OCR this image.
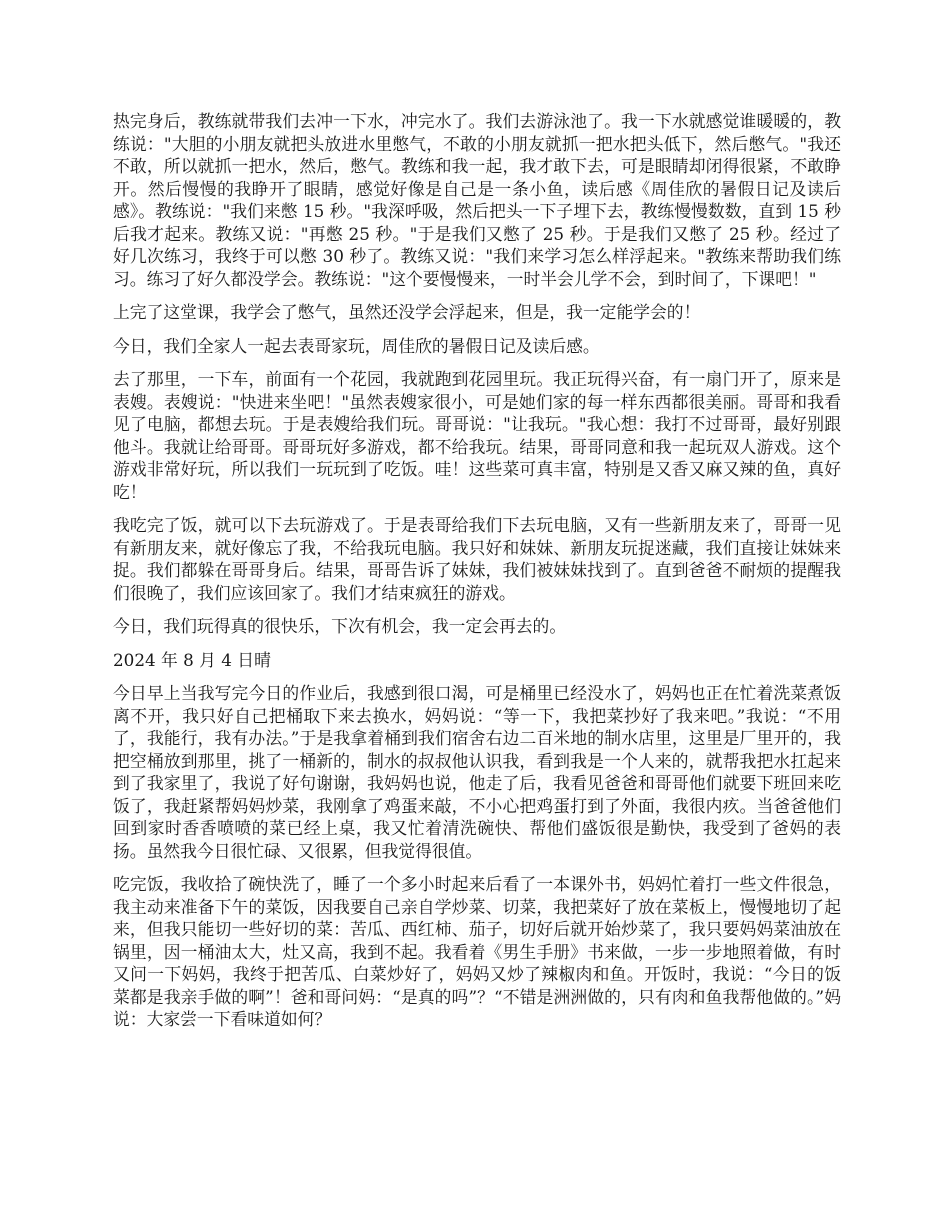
热完身后，教练就带我们去冲一下水，冲完水了。我们去游泳池了。我一下水就感觉谁暖暖的，教练说："大胆的小朋友就把头放进水里憋气，不敢的小朋友就抓一把水把头低下，然后憋气。"我还不敢，所以就抓一把水，然后，憋气。教练和我一起，我才敢下去，可是眼睛却闭得很紧，不敢睁开。然后慢慢的我睁开了眼睛，感觉好像是自己是一条小鱼，读后感《周佳欣的暑假日记及读后感》。教练说："我们来憋 15 秒。"我深呼吸，然后把头一下子埋下去，教练慢慢数数，直到 15 秒后我才起来。教练又说："再憋 25 秒。"于是我们又憋了 25 秒。于是我们又憋了 25 秒。经过了好几次练习，我终于可以憋 30 秒了。教练又说："我们来学习怎么样浮起来。"教练来帮助我们练习。练习了好久都没学会。教练说："这个要慢慢来，一时半会儿学不会，到时间了，下课吧！"

上完了这堂课，我学会了憋气，虽然还没学会浮起来，但是，我一定能学会的！

今日，我们全家人一起去表哥家玩，周佳欣的暑假日记及读后感。

去了那里，一下车，前面有一个花园，我就跑到花园里玩。我正玩得兴奋，有一扇门开了，原来是表嫂。表嫂说："快进来坐吧！"虽然表嫂家很小，可是她们家的每一样东西都很美丽。哥哥和我看见了电脑，都想去玩。于是表嫂给我们玩。哥哥说："让我玩。"我心想：我打不过哥哥，最好别跟他斗。我就让给哥哥。哥哥玩好多游戏，都不给我玩。结果，哥哥同意和我一起玩双人游戏。这个游戏非常好玩，所以我们一玩玩到了吃饭。哇！这些菜可真丰富，特别是又香又麻又辣的鱼，真好吃！

我吃完了饭，就可以下去玩游戏了。于是表哥给我们下去玩电脑，又有一些新朋友来了，哥哥一见有新朋友来，就好像忘了我，不给我玩电脑。我只好和妹妹、新朋友玩捉迷藏，我们直接让妹妹来捉。我们都躲在哥哥身后。结果，哥哥告诉了妹妹，我们被妹妹找到了。直到爸爸不耐烦的提醒我们很晚了，我们应该回家了。我们才结束疯狂的游戏。

今日，我们玩得真的很快乐，下次有机会，我一定会再去的。

2024 年 8 月 4 日晴

今日早上当我写完今日的作业后，我感到很口渴，可是桶里已经没水了，妈妈也正在忙着洗菜煮饭离不开，我只好自己把桶取下来去换水，妈妈说：“等一下，我把菜抄好了我来吧。”我说：“不用了，我能行，我有办法。”于是我拿着桶到我们宿舍右边二百米地的制水店里，这里是厂里开的，我把空桶放到那里，挑了一桶新的，制水的叔叔他认识我，看到我是一个人来的，就帮我把水扛起来到了我家里了，我说了好句谢谢，我妈妈也说，他走了后，我看见爸爸和哥哥他们就要下班回来吃饭了，我赶紧帮妈妈炒菜，我刚拿了鸡蛋来敲，不小心把鸡蛋打到了外面，我很内疚。当爸爸他们回到家时香香喷喷的菜已经上桌，我又忙着清洗碗快、帮他们盛饭很是勤快，我受到了爸妈的表扬。虽然我今日很忙碌、又很累，但我觉得很值。

吃完饭，我收拾了碗快洗了，睡了一个多小时起来后看了一本课外书，妈妈忙着打一些文件很急，我主动来准备下午的菜饭，因我要自己亲自学炒菜、切菜，我把菜好了放在菜板上，慢慢地切了起来，但我只能切一些好切的菜：苦瓜、西红柿、茄子，切好后就开始炒菜了，我只要妈妈菜油放在锅里，因一桶油太大，灶又高，我到不起。我看着《男生手册》书来做，一步一步地照着做，有时又问一下妈妈，我终于把苦瓜、白菜炒好了，妈妈又炒了辣椒肉和鱼。开饭时，我说：“今日的饭菜都是我亲手做的啊”！爸和哥问妈：“是真的吗”？“不错是洲洲做的，只有肉和鱼我帮他做的。”妈说：大家尝一下看味道如何？
